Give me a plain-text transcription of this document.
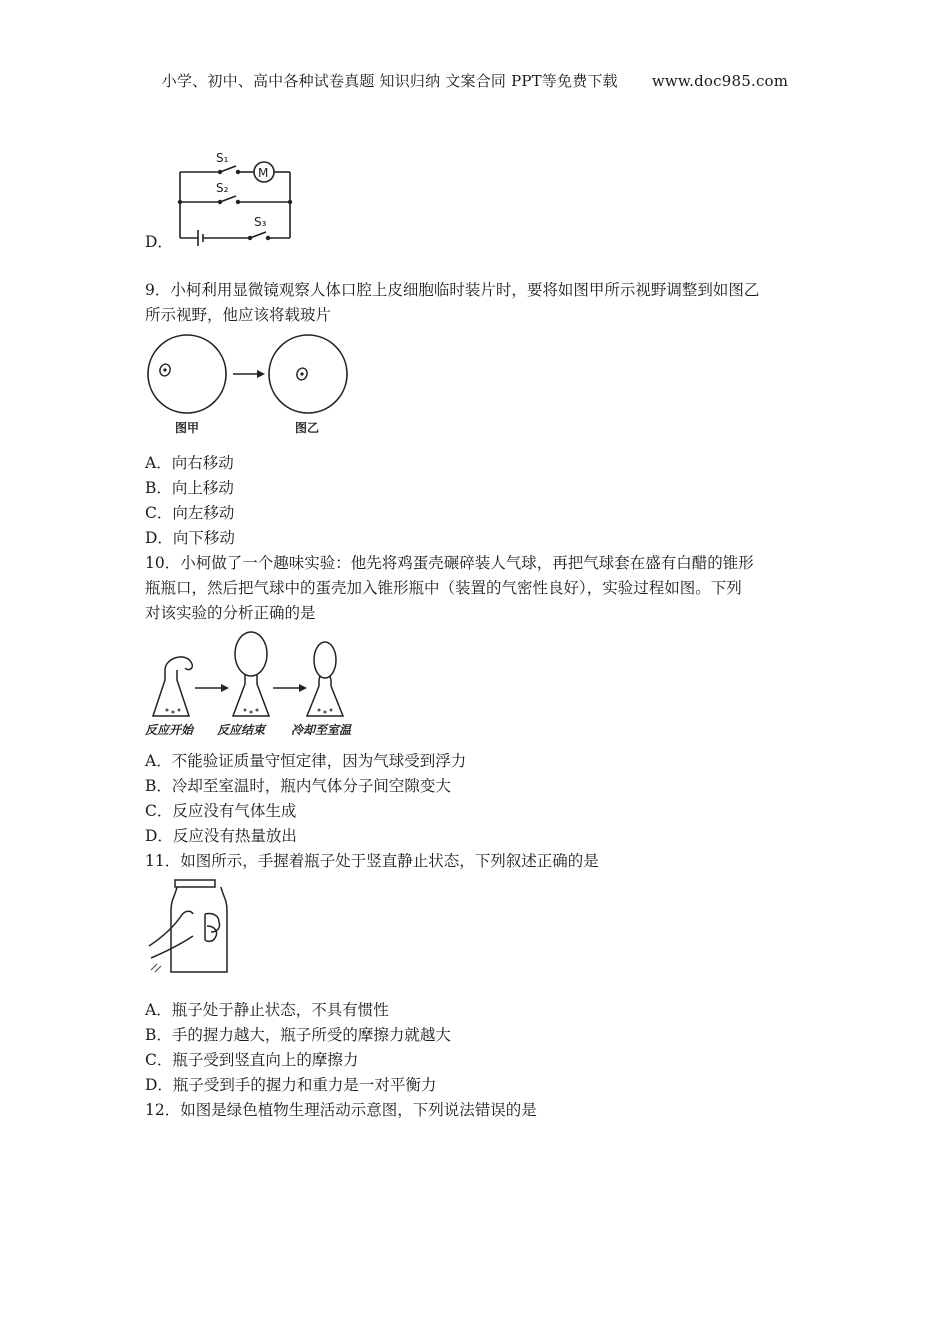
小学、初中、高中各种试卷真题 知识归纳 文案合同 PPT等免费下载 www.doc985.com
S₁
M
S₂
S₃
D．
9．小柯利用显微镜观察人体口腔上皮细胞临时装片时，要将如图甲所示视野调整到如图乙
所示视野，他应该将载玻片
图甲	图乙
A．向右移动
B．向上移动
C．向左移动
D．向下移动
10．小柯做了一个趣味实验：他先将鸡蛋壳碾碎装人气球，再把气球套在盛有白醋的锥形
瓶瓶口，然后把气球中的蛋壳加入锥形瓶中（装置的气密性良好），实验过程如图。下列
对该实验的分析正确的是
反应开始 反应结束 冷却至室温
A．不能验证质量守恒定律，因为气球受到浮力
B．冷却至室温时，瓶内气体分子间空隙变大
C．反应没有气体生成
D．反应没有热量放出
11．如图所示，手握着瓶子处于竖直静止状态，下列叙述正确的是
A．瓶子处于静止状态，不具有惯性
B．手的握力越大，瓶子所受的摩擦力就越大
C．瓶子受到竖直向上的摩擦力
D．瓶子受到手的握力和重力是一对平衡力
12．如图是绿色植物生理活动示意图，下列说法错误的是
